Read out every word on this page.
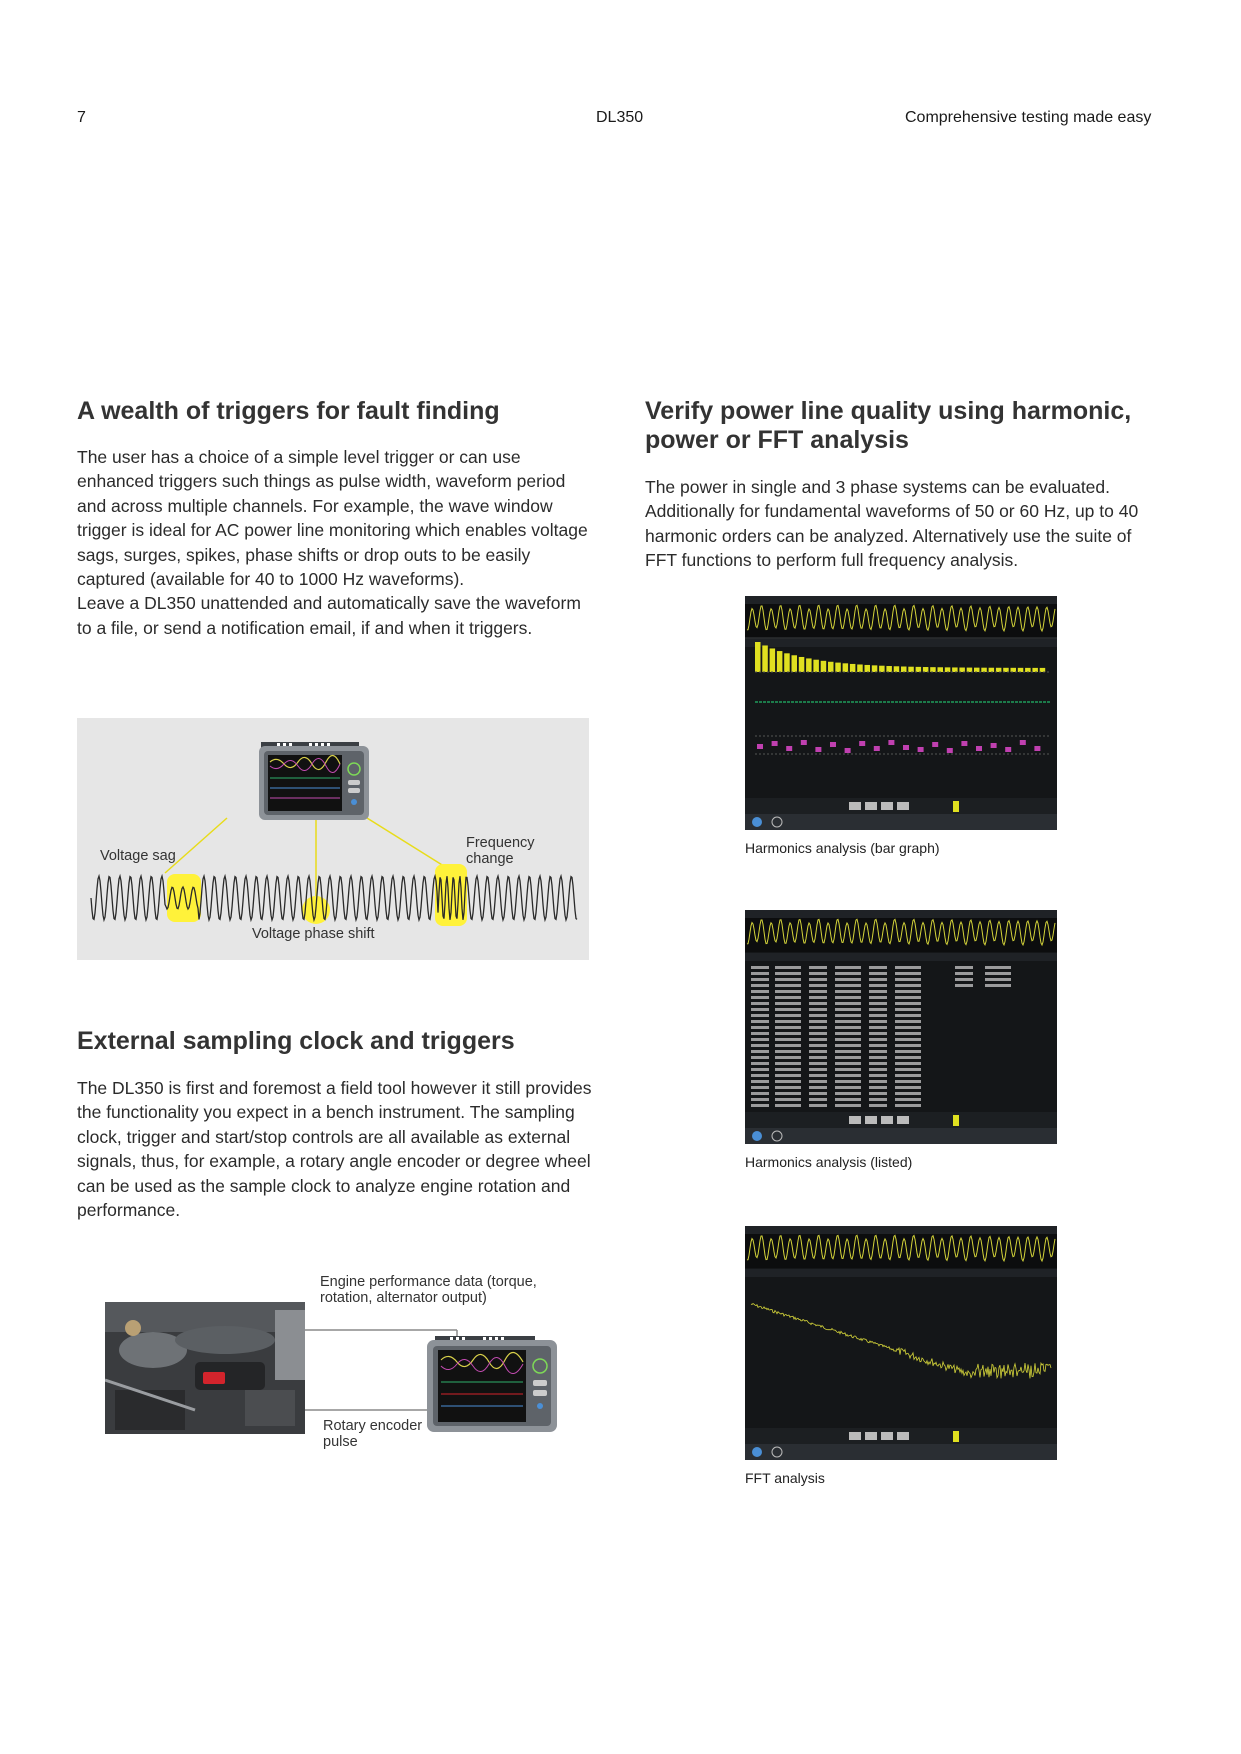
7	DL350	Comprehensive testing made easy
A wealth of triggers for fault finding

The user has a choice of a simple level trigger or can use enhanced triggers such things as pulse width, waveform period and across multiple channels. For example, the wave window trigger is ideal for AC power line monitoring which enables voltage sags, surges, spikes, phase shifts or drop outs to be easily captured (available for 40 to 1000 Hz waveforms).

Leave a DL350 unattended and automatically save the waveform to a file, or send a notification email, if and when it triggers.

Voltage sag
Frequency change
Voltage phase shift
External sampling clock and triggers
The DL350 is first and foremost a field tool however it still provides the functionality you expect in a bench instrument. The sampling clock, trigger and start/stop controls are all available as external signals, thus, for example, a rotary angle encoder or degree wheel can be used as the sample clock to analyze engine rotation and performance.
Engine performance data (torque, rotation, alternator output)
Rotary encoder pulse
Verify power line quality using harmonic, power or FFT analysis
The power in single and 3 phase systems can be evaluated. Additionally for fundamental waveforms of 50 or 60 Hz, up to 40 harmonic orders can be analyzed. Alternatively use the suite of FFT functions to perform full frequency analysis.
Harmonics analysis (bar graph)
Harmonics analysis (listed)
FFT analysis
